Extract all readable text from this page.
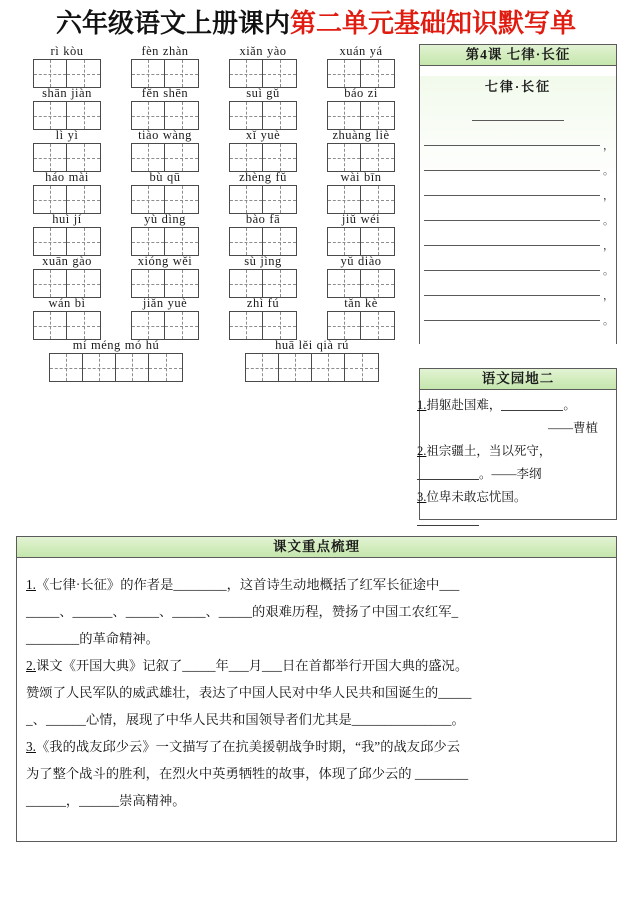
六年级语文上册课内第二单元基础知识默写单
rì kòu	fèn zhàn	xiǎn yào	xuán yá
shān jiàn	fěn shēn	suì gǔ	báo zi
lì yì	tiào wàng	xǐ yuè	zhuàng liè
háo mài	bù qū	zhèng fǔ	wài bīn
huì jí	yù dìng	bào fā	jiǔ wéi
xuān gào	xióng wěi	sù jìng	yǔ diào
wán bì	jiǎn yuè	zhì fú	tǎn kè
mí méng mó hú	huā lěi qià rú
第4课 七律·长征
七律·长征
，
。
，
。
，
。
，
。
语文园地二
1.捐躯赴国难，	。
——曹植
2.祖宗疆土，当以死守，
。——李纲
3.位卑未敢忘忧国。
课文重点梳理
1.《七律·长征》的作者是________，这首诗生动地概括了红军长征途中___
_____、______、_____、_____、_____的艰难历程，赞扬了中国工农红军_
________的革命精神。
2.课文《开国大典》记叙了_____年___月___日在首都举行开国大典的盛况。
赞颂了人民军队的威武雄壮，表达了中国人民对中华人民共和国诞生的_____
_、______心情，展现了中华人民共和国领导者们尤其是_______________。
3.《我的战友邱少云》一文描写了在抗美援朝战争时期，“我”的战友邱少云
为了整个战斗的胜利，在烈火中英勇牺牲的故事，体现了邱少云的 ________
______，______崇高精神。
